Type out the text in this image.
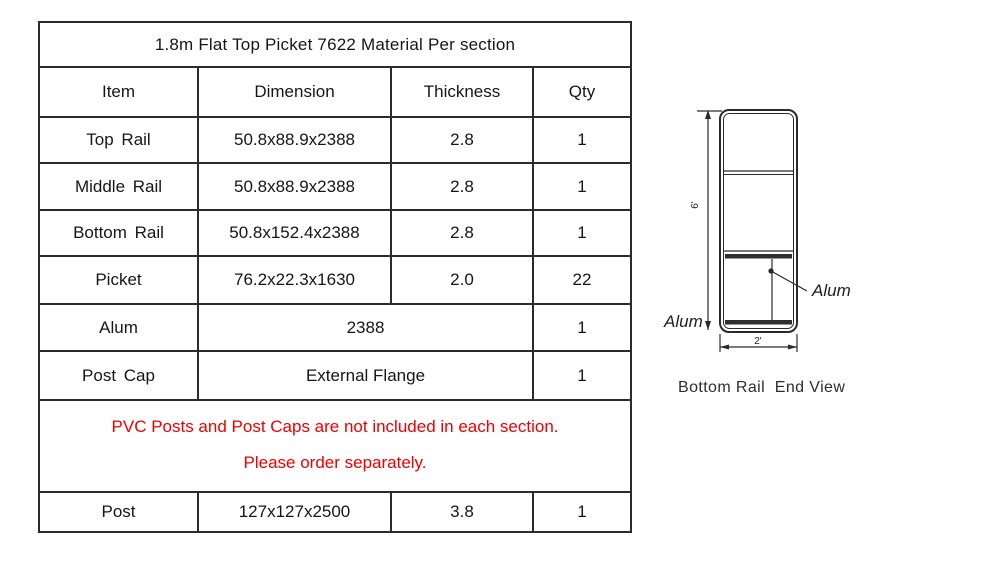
1.8m Flat Top Picket 7622 Material Per section			
Item	Dimension	Thickness	Qty
Top Rail	50.8x88.9x2388	2.8	1
Middle Rail	50.8x88.9x2388	2.8	1
Bottom Rail	50.8x152.4x2388	2.8	1
Picket	76.2x22.3x1630	2.0	22
Alum	2388		1
Post Cap	External Flange		1

PVC Posts and Post Caps are not included in each section.
Please order separately.			

Post	127x127x2500	3.8	1
6'
Alum
Alum
2'
Bottom Rail  End View
